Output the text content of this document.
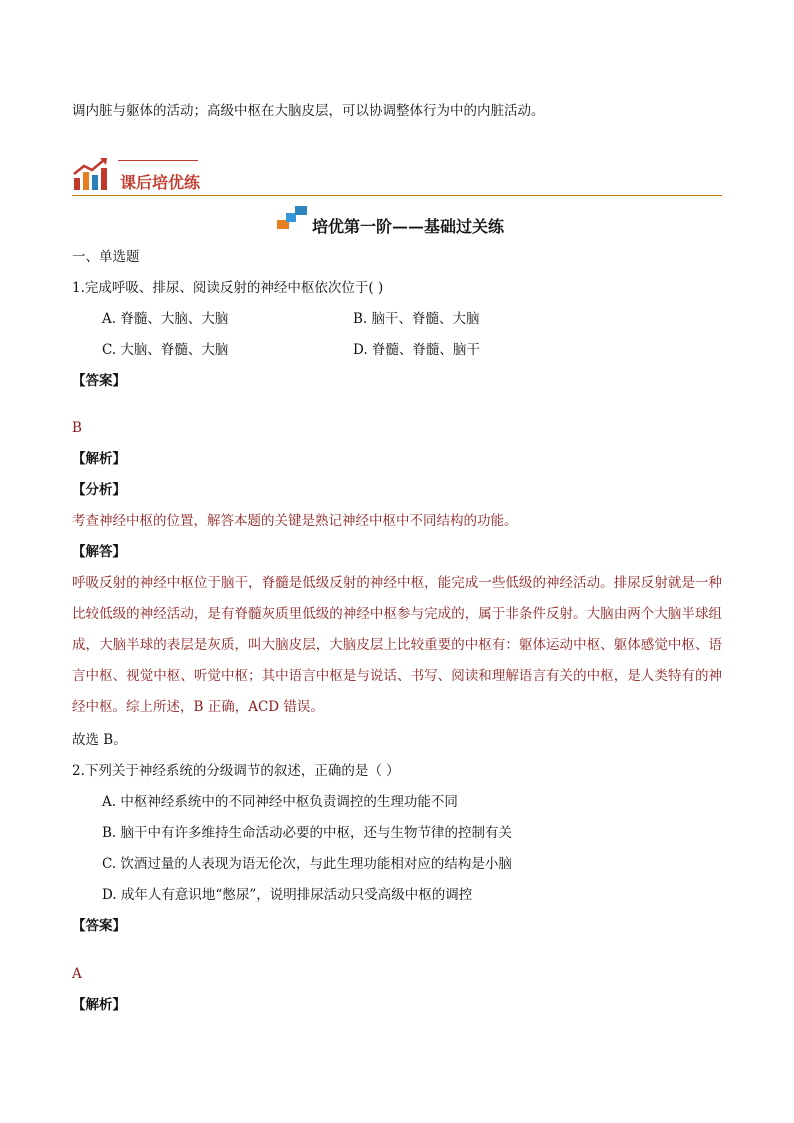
调内脏与躯体的活动；高级中枢在大脑皮层，可以协调整体行为中的内脏活动。
课后培优练
培优第一阶——基础过关练
一、单选题
1.完成呼吸、排尿、阅读反射的神经中枢依次位于( )
A. 脊髓、大脑、大脑	B. 脑干、脊髓、大脑
C. 大脑、脊髓、大脑	D. 脊髓、脊髓、脑干
【答案】
B
【解析】
【分析】
考查神经中枢的位置，解答本题的关键是熟记神经中枢中不同结构的功能。
【解答】
呼吸反射的神经中枢位于脑干，脊髓是低级反射的神经中枢，能完成一些低级的神经活动。排尿反射就是一种比较低级的神经活动，是有脊髓灰质里低级的神经中枢参与完成的，属于非条件反射。大脑由两个大脑半球组成，大脑半球的表层是灰质，叫大脑皮层，大脑皮层上比较重要的中枢有：躯体运动中枢、躯体感觉中枢、语言中枢、视觉中枢、听觉中枢；其中语言中枢是与说话、书写、阅读和理解语言有关的中枢，是人类特有的神经中枢。综上所述，B 正确，ACD 错误。
故选 B。
2.下列关于神经系统的分级调节的叙述，正确的是（ ）
A. 中枢神经系统中的不同神经中枢负责调控的生理功能不同
B. 脑干中有许多维持生命活动必要的中枢，还与生物节律的控制有关
C. 饮酒过量的人表现为语无伦次，与此生理功能相对应的结构是小脑
D. 成年人有意识地“憋尿”，说明排尿活动只受高级中枢的调控
【答案】
A
【解析】
